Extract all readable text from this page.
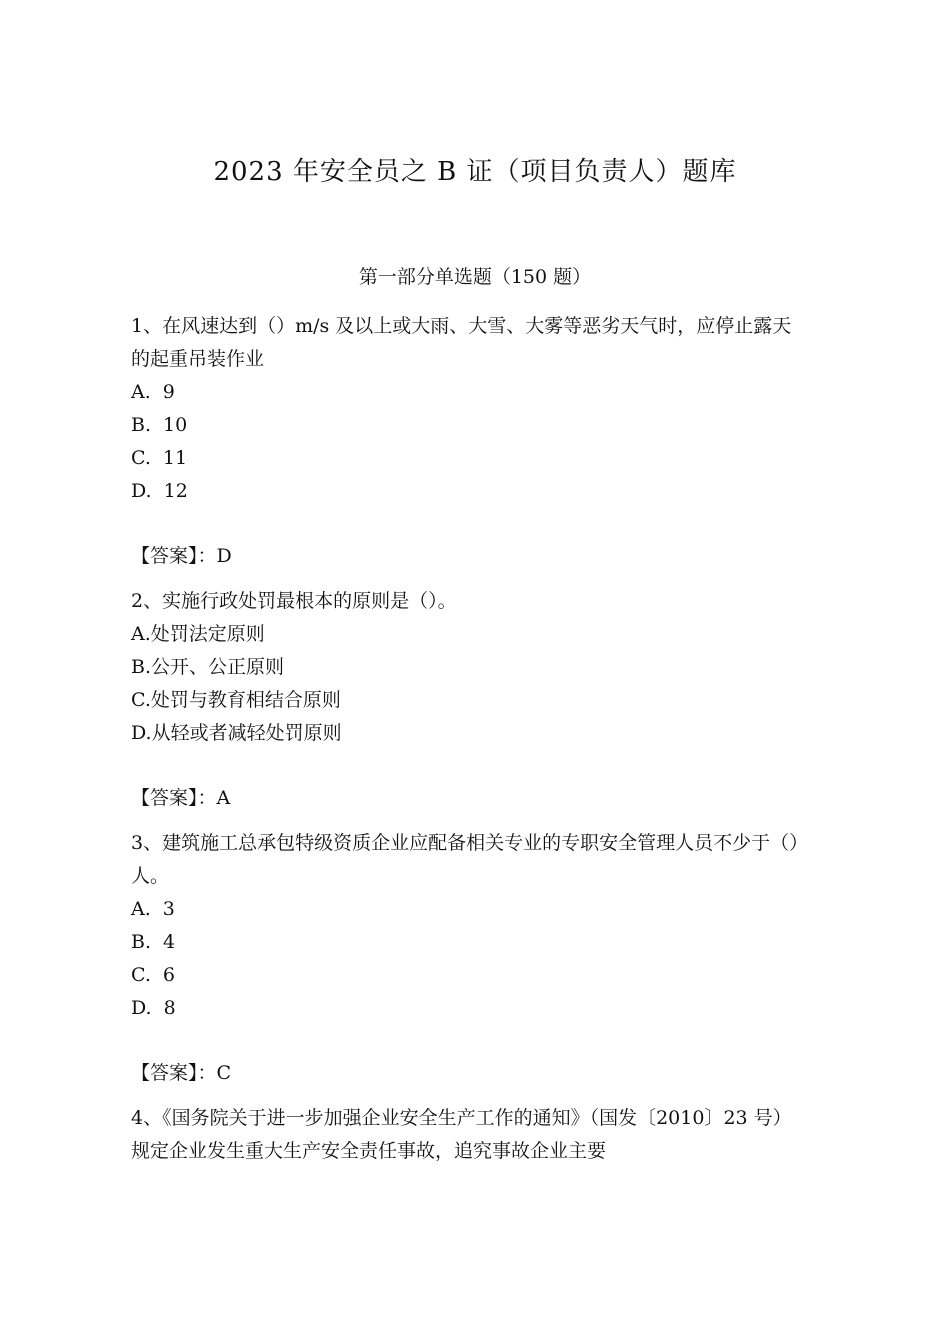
2023 年安全员之 B 证（项目负责人）题库
第一部分单选题（150 题）

1、在风速达到（）m/s 及以上或大雨、大雪、大雾等恶劣天气时，应停止露天的起重吊装作业

A. 9

B. 10

C. 11

D. 12

【答案】：D

2、实施行政处罚最根本的原则是（）。

A.处罚法定原则

B.公开、公正原则

C.处罚与教育相结合原则

D.从轻或者减轻处罚原则

【答案】：A

3、建筑施工总承包特级资质企业应配备相关专业的专职安全管理人员不少于（）人。

A. 3

B. 4

C. 6

D. 8

【答案】：C

4、《国务院关于进一步加强企业安全生产工作的通知》（国发〔2010〕23 号）规定企业发生重大生产安全责任事故，追究事故企业主要
